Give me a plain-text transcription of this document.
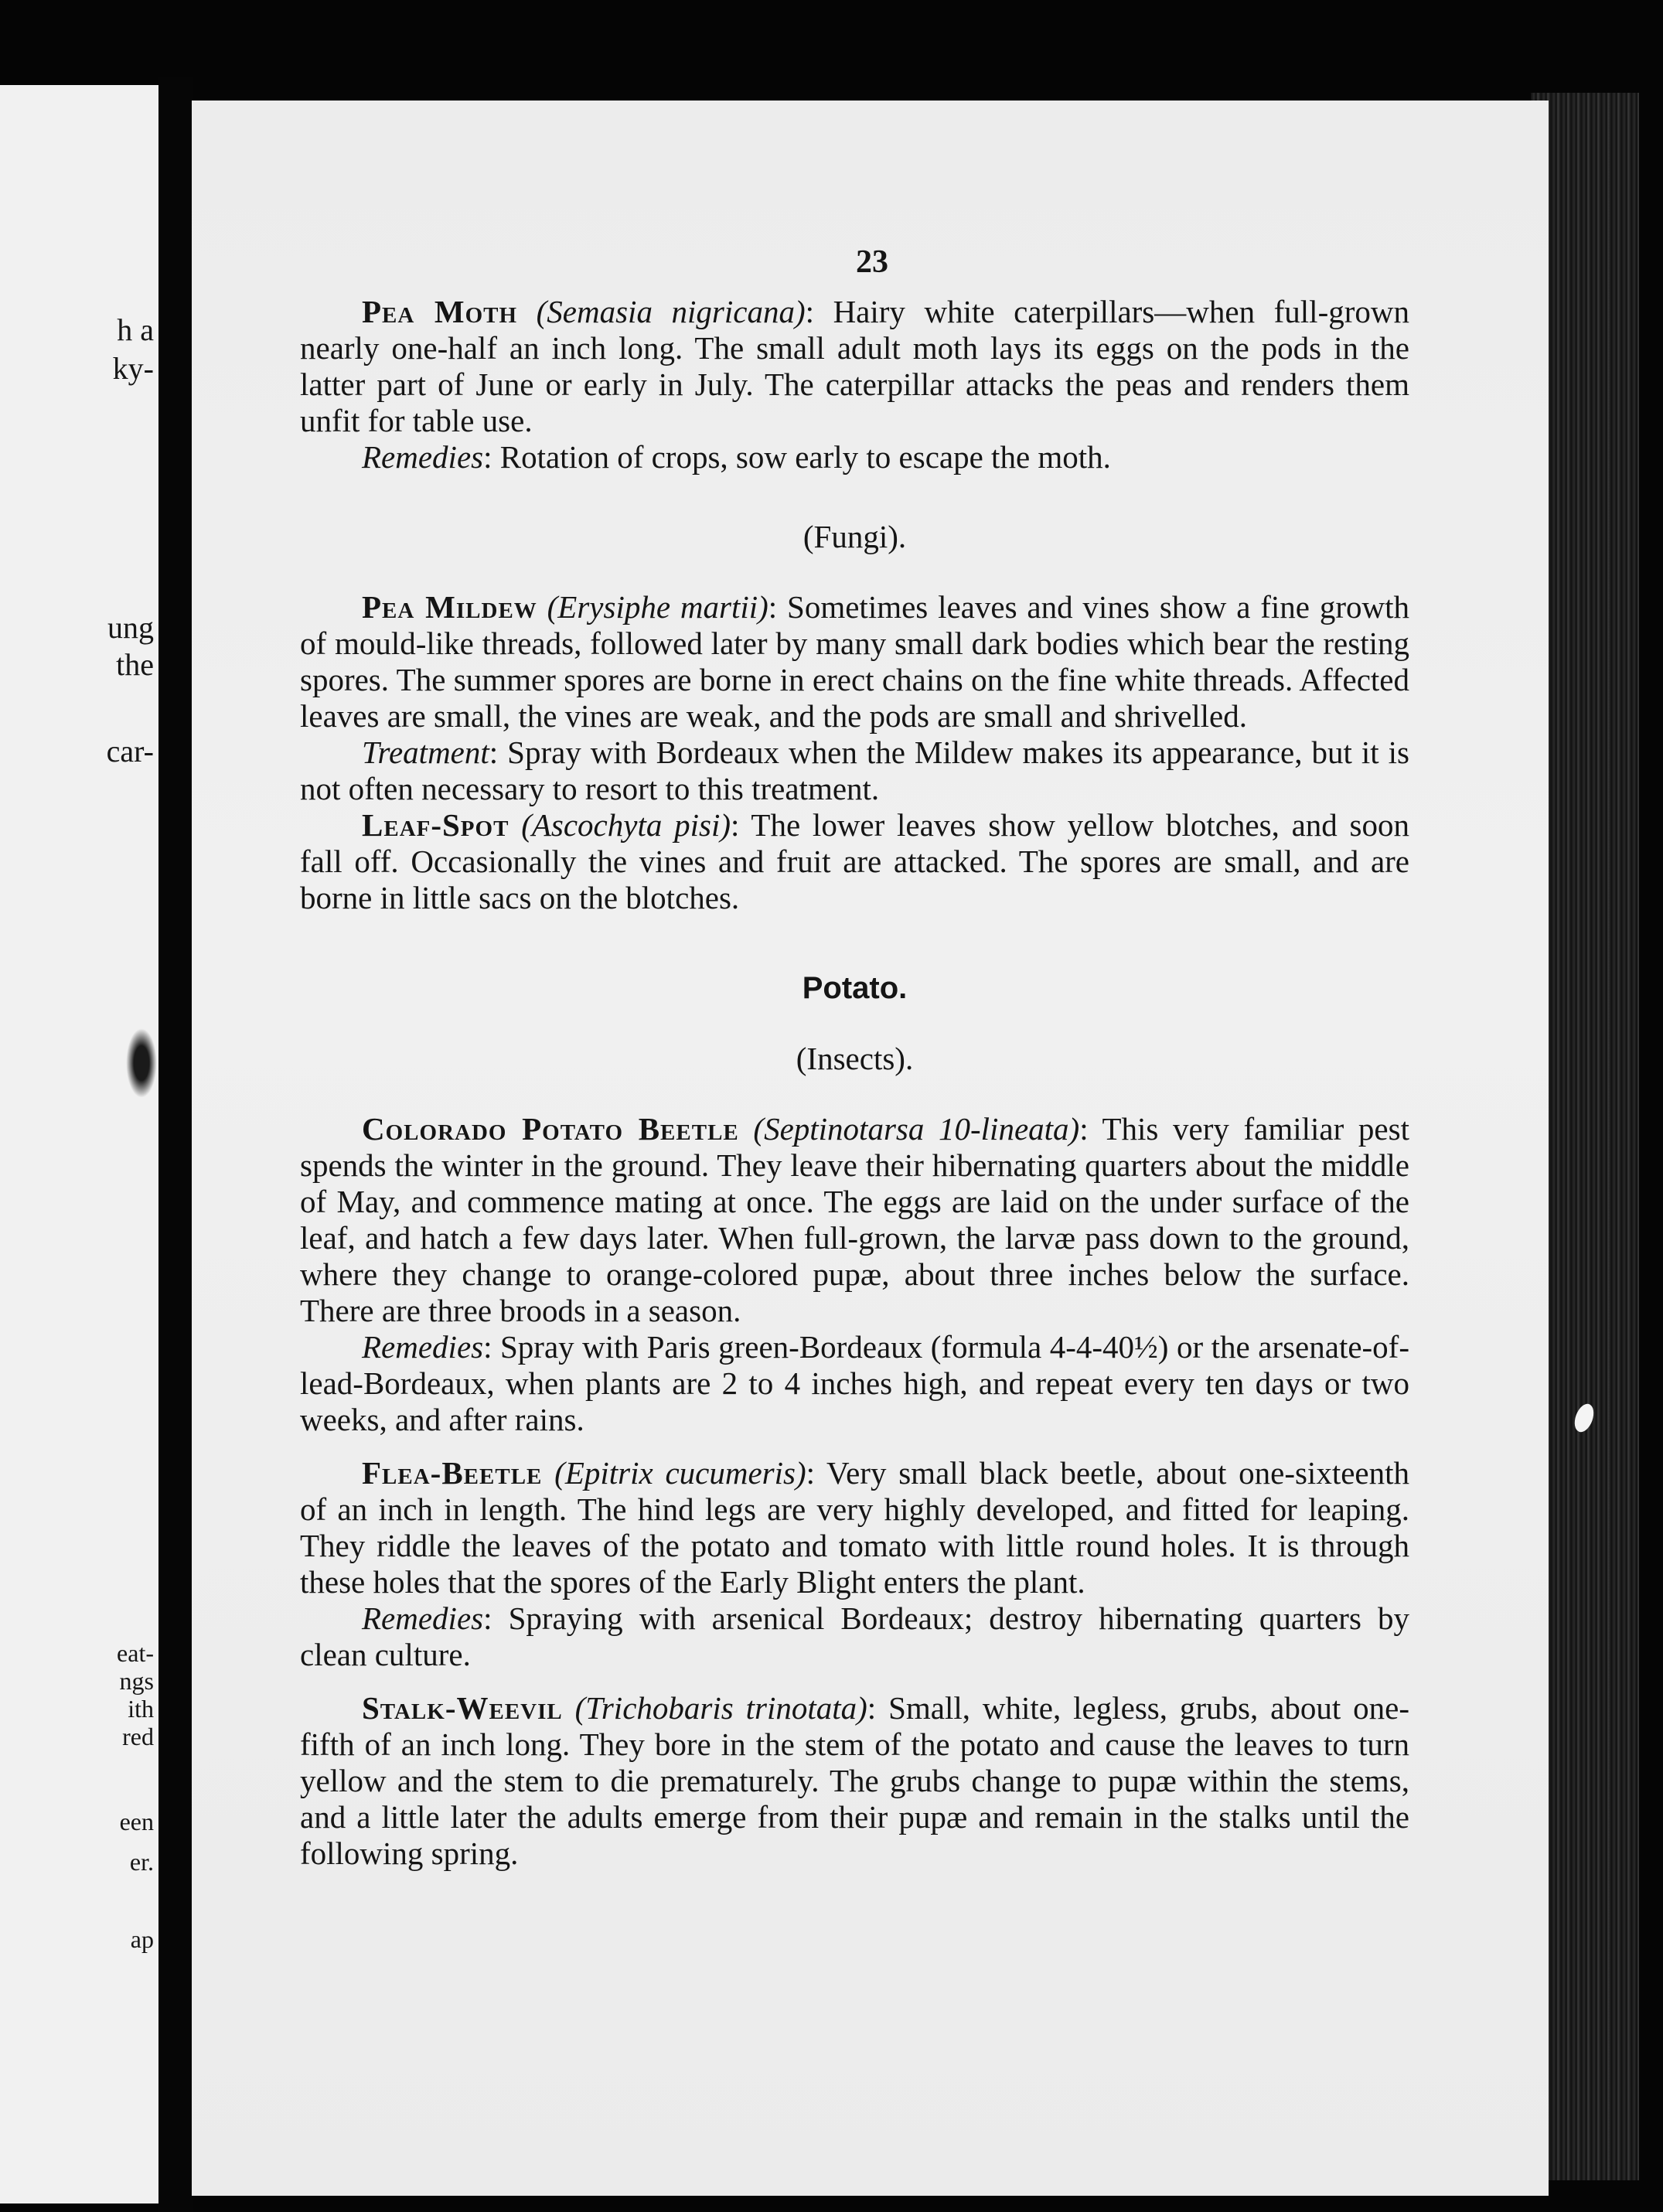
h a
ky-
ung
the
car-
eat-
ngs
ith
red
een
er.
ap
23

Pea Moth (Semasia nigricana): Hairy white caterpillars—when full-grown nearly one-half an inch long. The small adult moth lays its eggs on the pods in the latter part of June or early in July. The caterpillar attacks the peas and renders them unfit for table use.

Remedies: Rotation of crops, sow early to escape the moth.

(Fungi).

Pea Mildew (Erysiphe martii): Sometimes leaves and vines show a fine growth of mould-like threads, followed later by many small dark bodies which bear the resting spores. The summer spores are borne in erect chains on the fine white threads. Affected leaves are small, the vines are weak, and the pods are small and shrivelled.

Treatment: Spray with Bordeaux when the Mildew makes its appearance, but it is not often necessary to resort to this treatment.

Leaf-Spot (Ascochyta pisi): The lower leaves show yellow blotches, and soon fall off. Occasionally the vines and fruit are attacked. The spores are small, and are borne in little sacs on the blotches.

Potato.

(Insects).

Colorado Potato Beetle (Septinotarsa 10-lineata): This very familiar pest spends the winter in the ground. They leave their hibernating quarters about the middle of May, and commence mating at once. The eggs are laid on the under surface of the leaf, and hatch a few days later. When full-grown, the larvæ pass down to the ground, where they change to orange-colored pupæ, about three inches below the surface. There are three broods in a season.

Remedies: Spray with Paris green-Bordeaux (formula 4-4-40½) or the arsenate-of-lead-Bordeaux, when plants are 2 to 4 inches high, and repeat every ten days or two weeks, and after rains.

Flea-Beetle (Epitrix cucumeris): Very small black beetle, about one-sixteenth of an inch in length. The hind legs are very highly developed, and fitted for leaping. They riddle the leaves of the potato and tomato with little round holes. It is through these holes that the spores of the Early Blight enters the plant.

Remedies: Spraying with arsenical Bordeaux; destroy hibernating quarters by clean culture.

Stalk-Weevil (Trichobaris trinotata): Small, white, legless, grubs, about one-fifth of an inch long. They bore in the stem of the potato and cause the leaves to turn yellow and the stem to die prematurely. The grubs change to pupæ within the stems, and a little later the adults emerge from their pupæ and remain in the stalks until the following spring.
